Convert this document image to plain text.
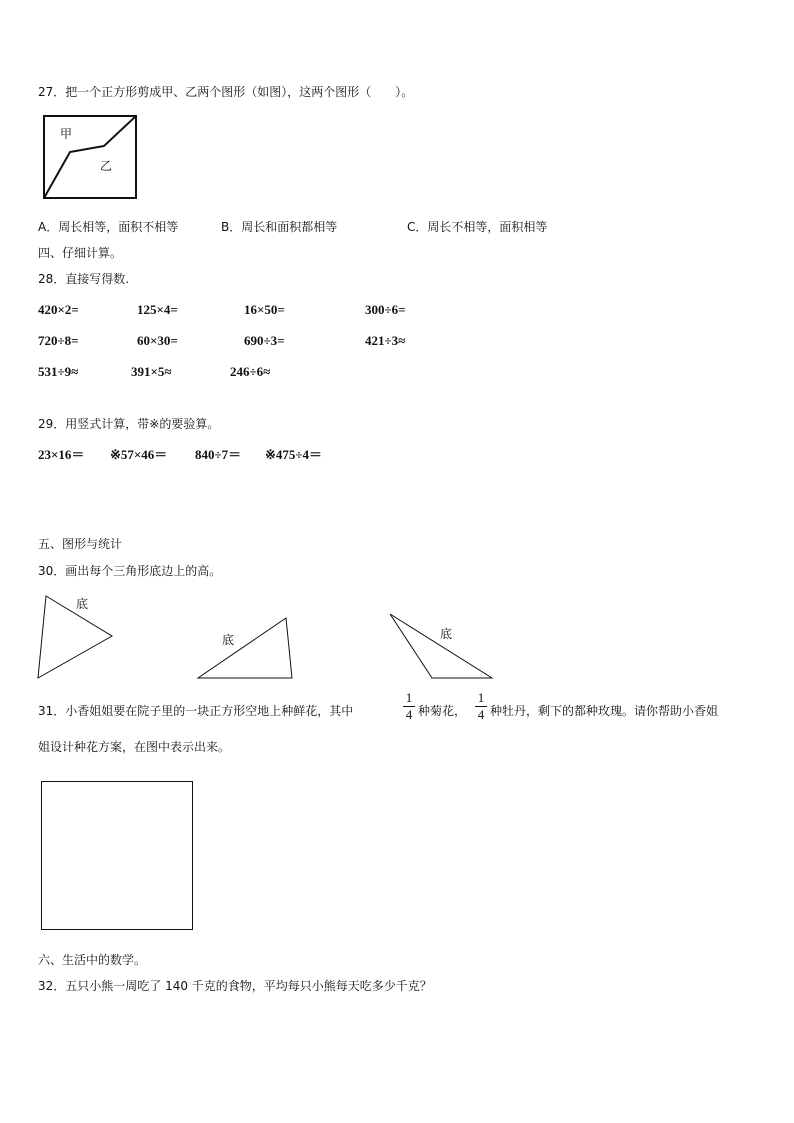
27．把一个正方形剪成甲、乙两个图形（如图），这两个图形（　　）。
甲
乙
A．周长相等，面积不相等	B．周长和面积都相等	C．周长不相等，面积相等
四、仔细计算。
28．直接写得数.
420×2=	125×4=	16×50=	300÷6=
720÷8=	60×30=	690÷3=	421÷3≈
531÷9≈	391×5≈	246÷6≈
29．用竖式计算，带※的要验算。
23×16＝ ※57×46＝ 840÷7＝ ※475÷4＝
五、图形与统计
30．画出每个三角形底边上的高。
底
底	底
31．小香姐姐要在院子里的一块正方形空地上种鲜花，其中
1
4 种菊花，
1
4 种牡丹，剩下的都种玫瑰。请你帮助小香姐
姐设计种花方案，在图中表示出来。
六、生活中的数学。
32．五只小熊一周吃了 140 千克的食物，平均每只小熊每天吃多少千克？
